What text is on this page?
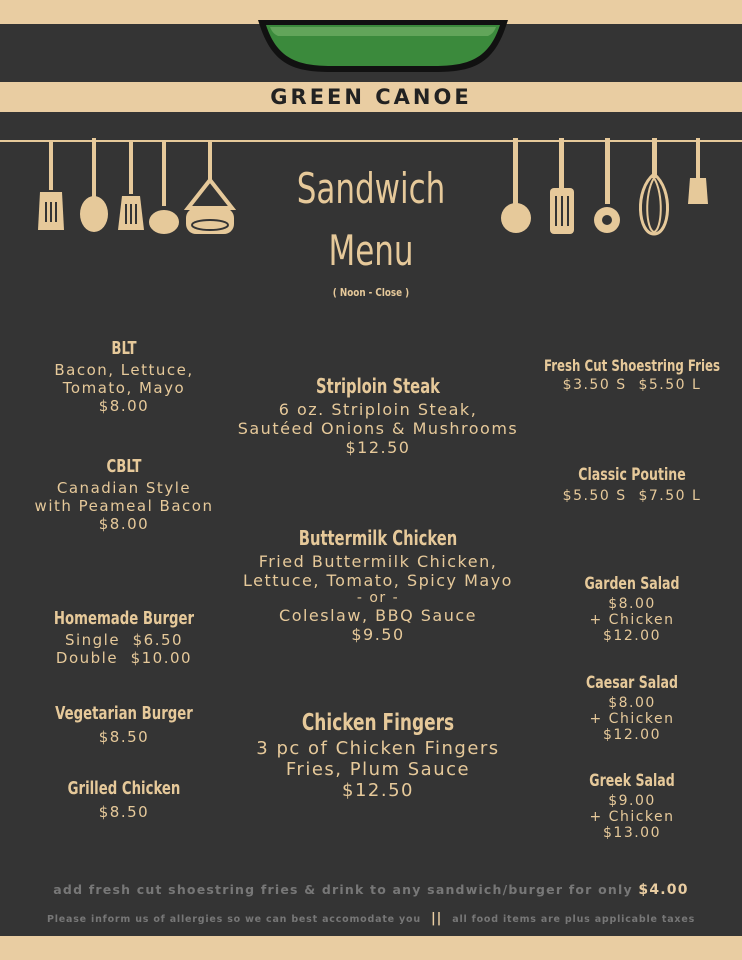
GREEN CANOE
Sandwich
Menu
( Noon - Close )
BLT
Bacon, Lettuce,
Tomato, Mayo
$8.00
CBLT
Canadian Style
with Peameal Bacon
$8.00
Homemade Burger
Single  $6.50
Double  $10.00
Vegetarian Burger
$8.50
Grilled Chicken
$8.50
Striploin Steak
6 oz. Striploin Steak,
Sautéed Onions & Mushrooms
$12.50
Buttermilk Chicken
Fried Buttermilk Chicken,
Lettuce, Tomato, Spicy Mayo
- or -
Coleslaw, BBQ Sauce
$9.50
Chicken Fingers
3 pc of Chicken Fingers
Fries, Plum Sauce
$12.50
Fresh Cut Shoestring Fries
$3.50 S  $5.50 L
Classic Poutine
$5.50 S  $7.50 L
Garden Salad
$8.00
+ Chicken
$12.00
Caesar Salad
$8.00
+ Chicken
$12.00
Greek Salad
$9.00
+ Chicken
$13.00
add fresh cut shoestring fries & drink to any sandwich/burger for only $4.00
Please inform us of allergies so we can best accomodate you || all food items are plus applicable taxes
